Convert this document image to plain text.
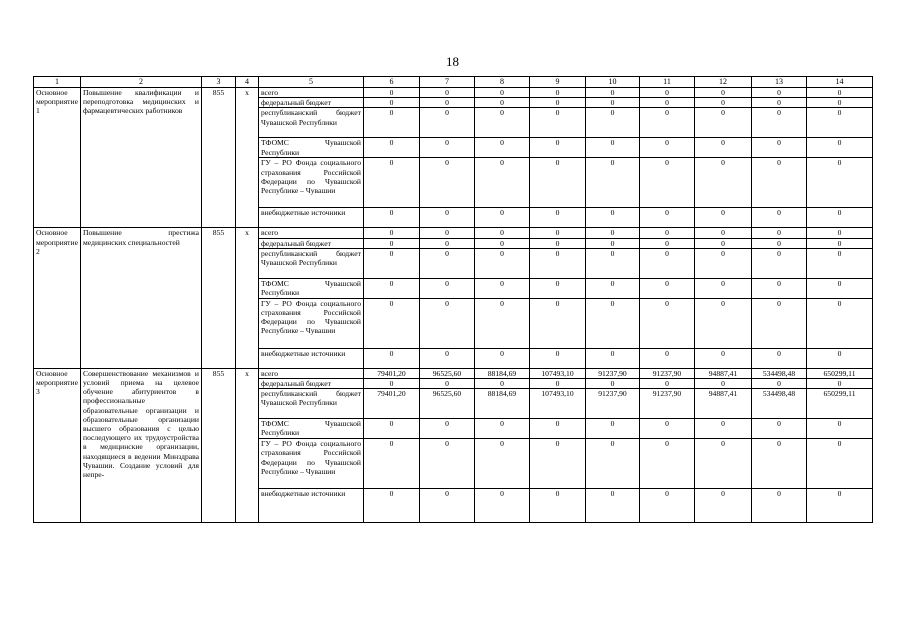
18
1	2	3	4	5	6	7	8	9	10	11	12	13	14
Основное мероприятие 1	Повышение квалификации и переподготовка медицинских и фармацевтических работников	855	х	всего	0	0	0	0	0	0	0	0	0
				федеральный бюджет	0	0	0	0	0	0	0	0	0
				республиканский бюджет Чувашской Республики	0	0	0	0	0	0	0	0	0
				ТФОМС Чувашской Республики	0	0	0	0	0	0	0	0	0
				ГУ – РО Фонда социального страхования Российской Федерации по Чувашской Республике – Чувашии	0	0	0	0	0	0	0	0	0
				внебюджетные источники	0	0	0	0	0	0	0	0	0
Основное мероприятие 2	Повышение престижа медицинских специальностей	855	х	всего	0	0	0	0	0	0	0	0	0
				федеральный бюджет	0	0	0	0	0	0	0	0	0
				республиканский бюджет Чувашской Республики	0	0	0	0	0	0	0	0	0
				ТФОМС Чувашской Республики	0	0	0	0	0	0	0	0	0
				ГУ – РО Фонда социального страхования Российской Федерации по Чувашской Республике – Чувашии	0	0	0	0	0	0	0	0	0
				внебюджетные источники	0	0	0	0	0	0	0	0	0
Основное мероприятие 3	Совершенствование механизмов и условий приема на целевое обучение абитуриентов в профессиональные образовательные организации и образовательные организации высшего образования с целью последующего их трудоустройства в медицинские организации, находящиеся в ведении Минздрава Чувашии. Создание условий для непре-	855	х	всего	79401,20	96525,60	88184,69	107493,10	91237,90	91237,90	94887,41	534498,48	650299,11
				федеральный бюджет	0	0	0	0	0	0	0	0	0
				республиканский бюджет Чувашской Республики	79401,20	96525,60	88184,69	107493,10	91237,90	91237,90	94887,41	534498,48	650299,11
				ТФОМС Чувашской Республики	0	0	0	0	0	0	0	0	0
				ГУ – РО Фонда социального страхования Российской Федерации по Чувашской Республике – Чувашии	0	0	0	0	0	0	0	0	0
				внебюджетные источники	0	0	0	0	0	0	0	0	0
